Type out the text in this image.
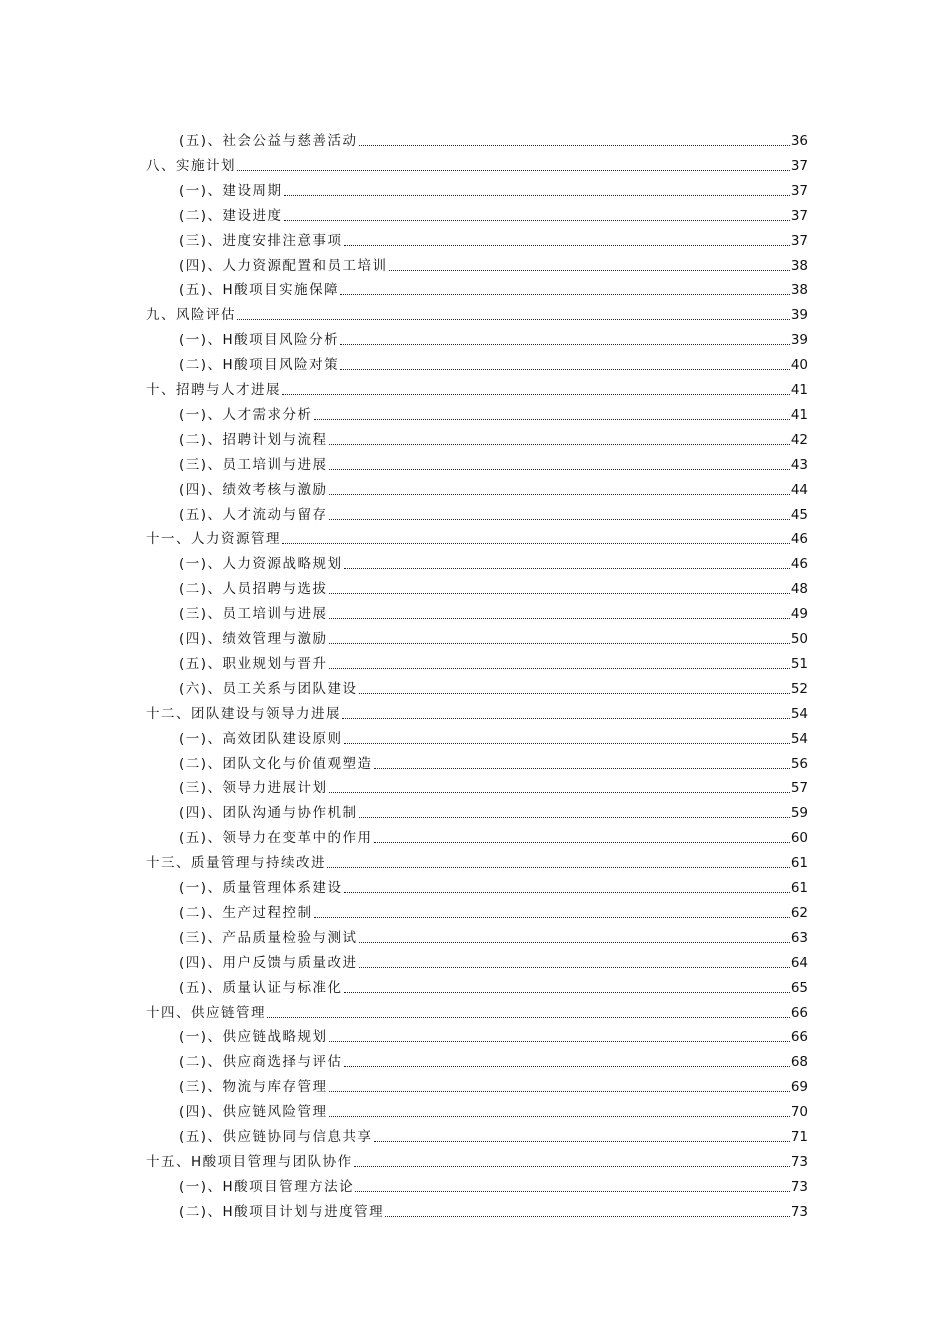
(五)、社会公益与慈善活动	36
八、实施计划	37
(一)、建设周期	37
(二)、建设进度	37
(三)、进度安排注意事项	37
(四)、人力资源配置和员工培训	38
(五)、H酸项目实施保障	38
九、风险评估	39
(一)、H酸项目风险分析	39
(二)、H酸项目风险对策	40
十、招聘与人才进展	41
(一)、人才需求分析	41
(二)、招聘计划与流程	42
(三)、员工培训与进展	43
(四)、绩效考核与激励	44
(五)、人才流动与留存	45
十一、人力资源管理	46
(一)、人力资源战略规划	46
(二)、人员招聘与选拔	48
(三)、员工培训与进展	49
(四)、绩效管理与激励	50
(五)、职业规划与晋升	51
(六)、员工关系与团队建设	52
十二、团队建设与领导力进展	54
(一)、高效团队建设原则	54
(二)、团队文化与价值观塑造	56
(三)、领导力进展计划	57
(四)、团队沟通与协作机制	59
(五)、领导力在变革中的作用	60
十三、质量管理与持续改进	61
(一)、质量管理体系建设	61
(二)、生产过程控制	62
(三)、产品质量检验与测试	63
(四)、用户反馈与质量改进	64
(五)、质量认证与标准化	65
十四、供应链管理	66
(一)、供应链战略规划	66
(二)、供应商选择与评估	68
(三)、物流与库存管理	69
(四)、供应链风险管理	70
(五)、供应链协同与信息共享	71
十五、H酸项目管理与团队协作	73
(一)、H酸项目管理方法论	73
(二)、H酸项目计划与进度管理	73
